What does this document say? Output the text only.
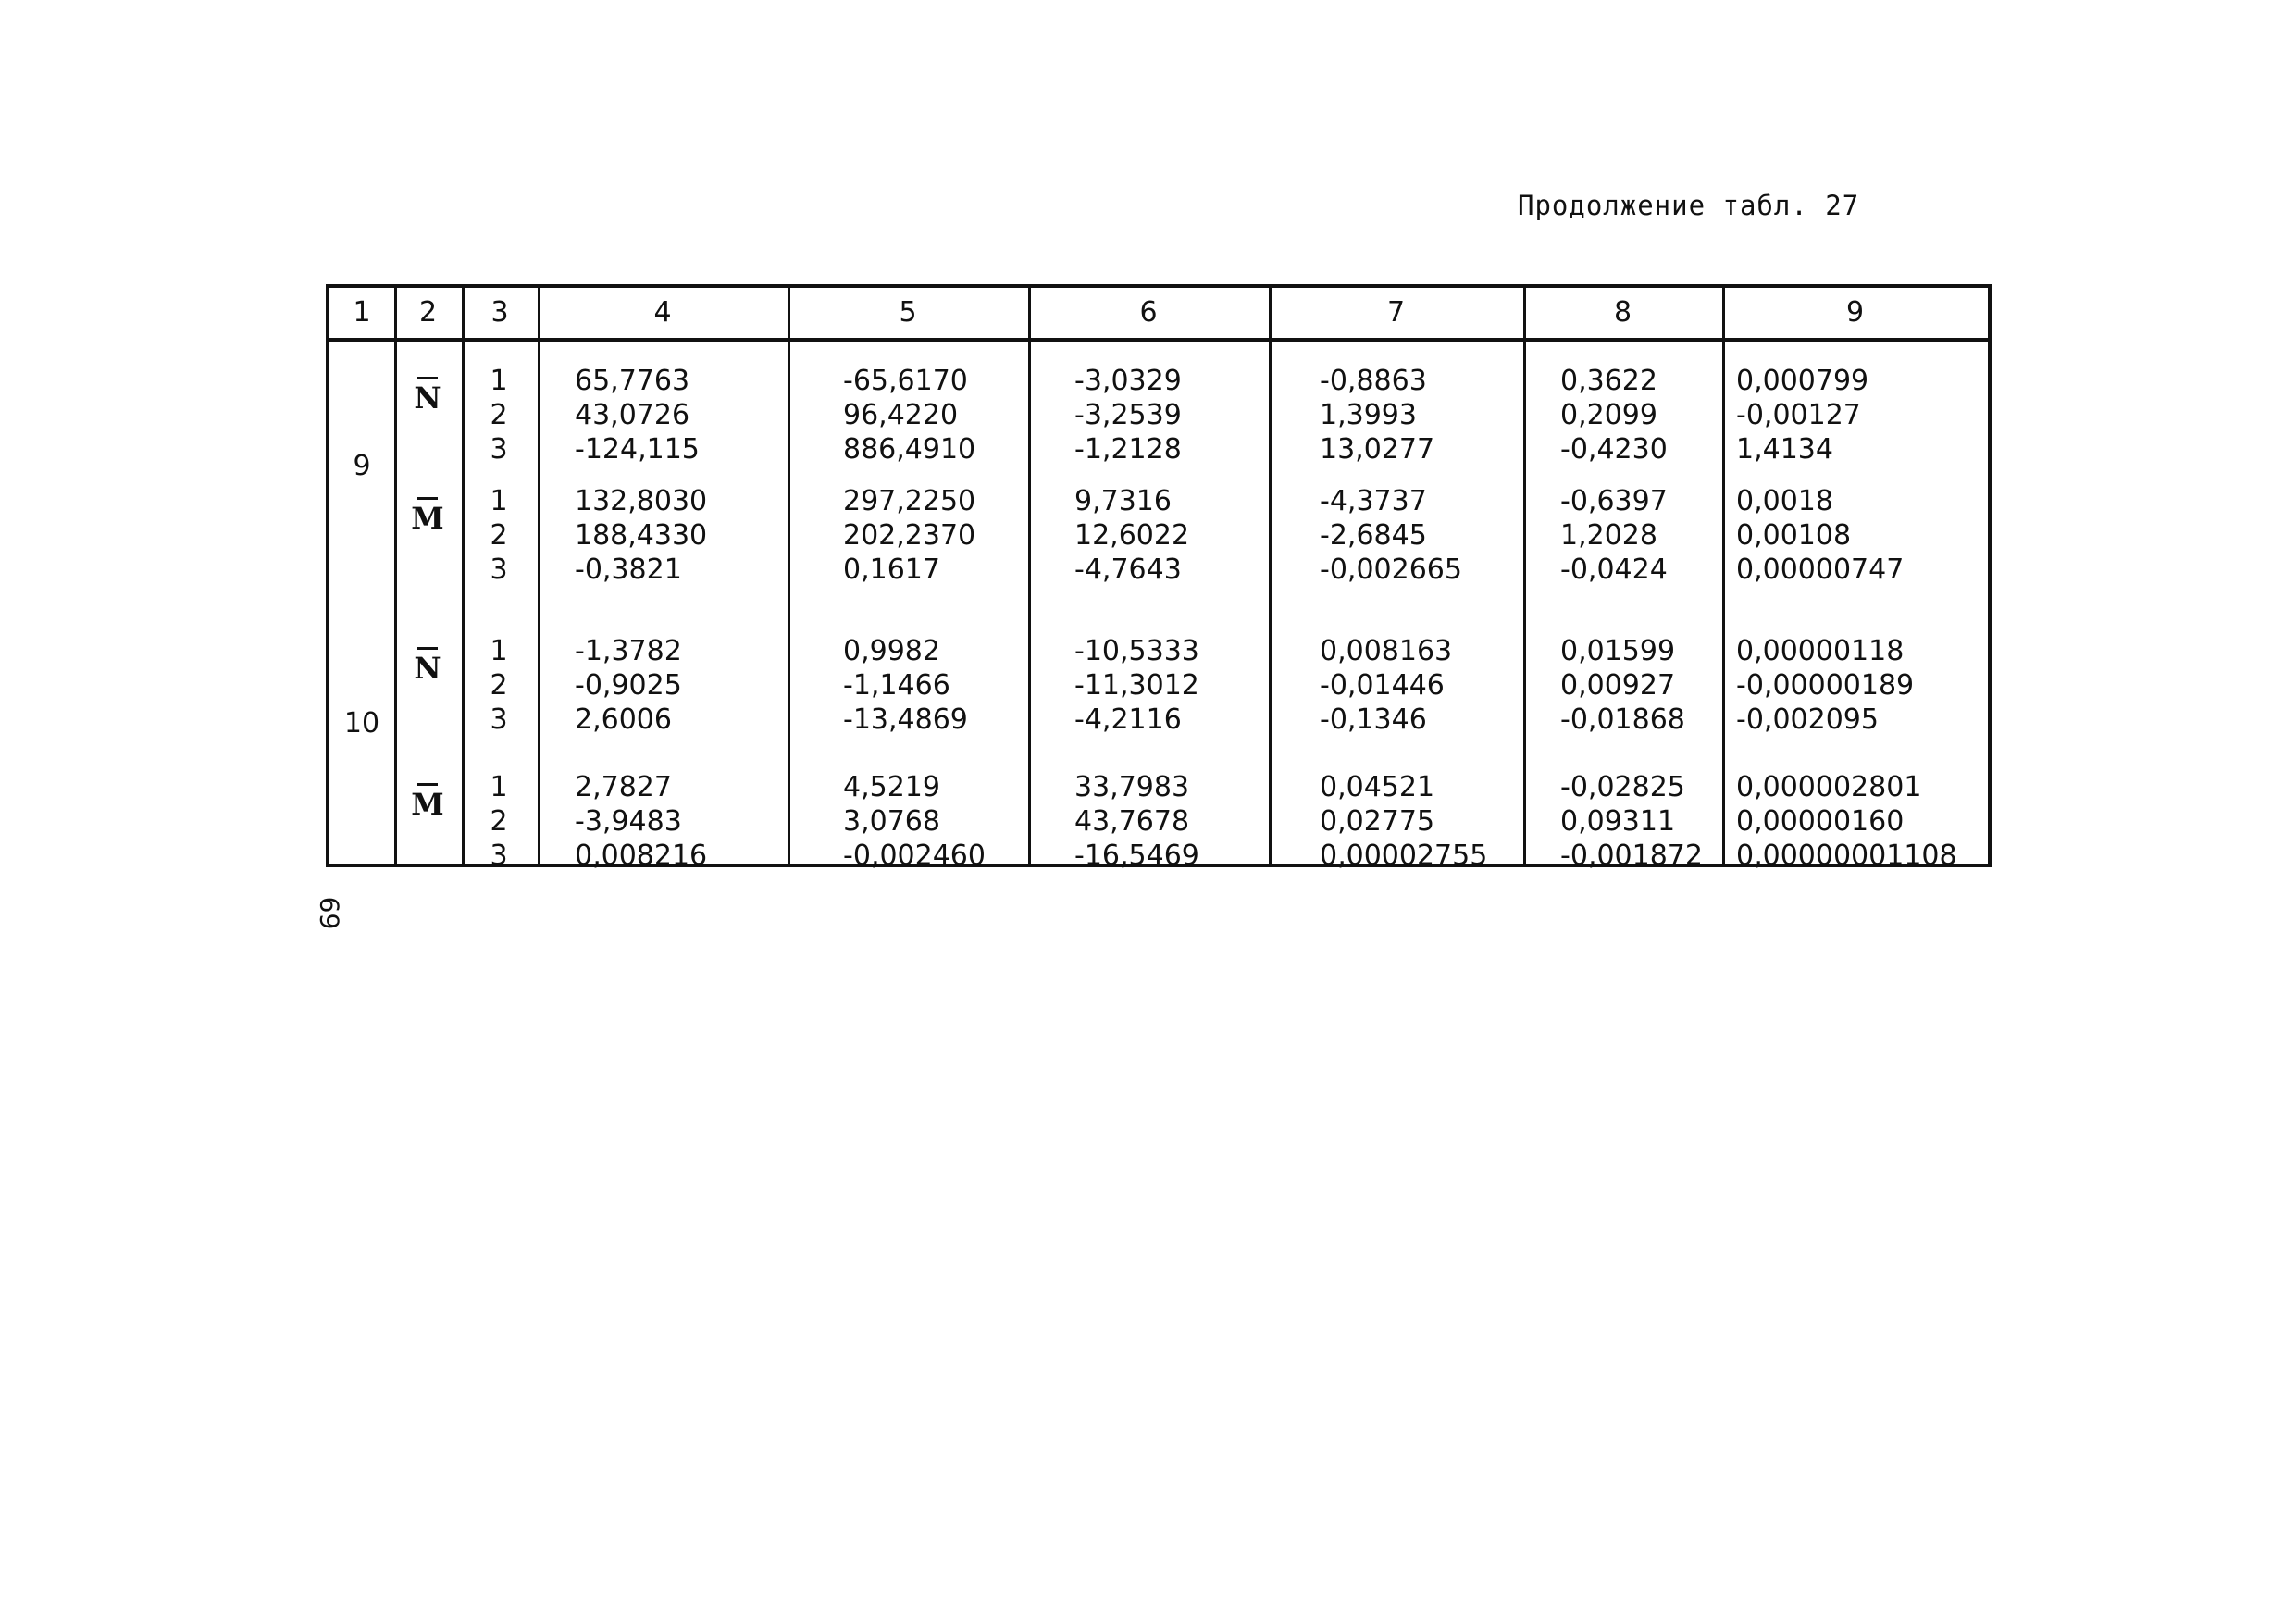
Продолжение табл. 27
1	2	3	4	5	6	7	8	9
9
N	1	65,7763	-65,6170	-3,0329	-0,8863	0,3622	0,000799
2	43,0726	96,4220	-3,2539	1,3993	0,2099	-0,00127
3	-124,115	886,4910	-1,2128	13,0277	-0,4230 1,4134
M	1	132,8030	297,2250	9,7316	-4,3737	-0,6397 0,0018
2	188,4330	202,2370	12,6022	-2,6845	1,2028	0,00108
3	-0,3821	0,1617	-4,7643	-0,002665	-0,0424 0,00000747
10
N	1	-1,3782	0,9982	-10,5333	0,008163	0,01599 0,00000118
2	-0,9025	-1,1466	-11,3012	-0,01446	0,00927 -0,00000189
3	2,6006	-13,4869	-4,2116	-0,1346	-0,01868 -0,002095
M	1	2,7827	4,5219	33,7983	0,04521	-0,02825 0,000002801
2	-3,9483	3,0768	43,7678	0,02775	0,09311 0,00000160
3	0,008216	-0,002460	-16,5469	0,00002755	-0,001872 0,00000001108
69
